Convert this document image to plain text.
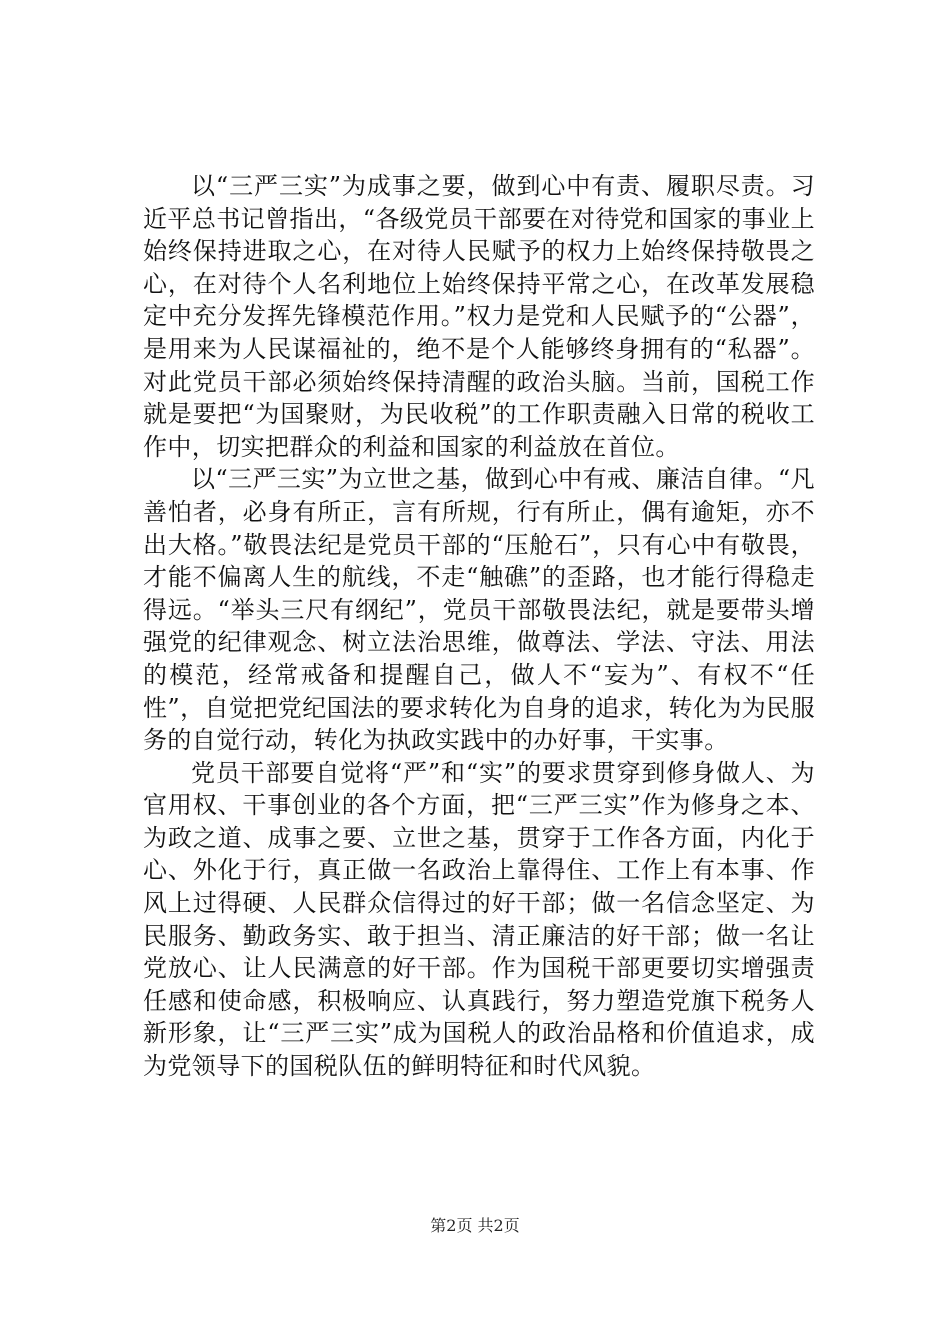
以“三严三实”为成事之要，做到心中有责、履职尽责。习近平总书记曾指出，“各级党员干部要在对待党和国家的事业上始终保持进取之心，在对待人民赋予的权力上始终保持敬畏之心，在对待个人名利地位上始终保持平常之心，在改革发展稳定中充分发挥先锋模范作用。”权力是党和人民赋予的“公器”，是用来为人民谋福祉的，绝不是个人能够终身拥有的“私器”。对此党员干部必须始终保持清醒的政治头脑。当前，国税工作就是要把“为国聚财，为民收税”的工作职责融入日常的税收工作中，切实把群众的利益和国家的利益放在首位。

以“三严三实”为立世之基，做到心中有戒、廉洁自律。“凡善怕者，必身有所正，言有所规，行有所止，偶有逾矩，亦不出大格。”敬畏法纪是党员干部的“压舱石”，只有心中有敬畏，才能不偏离人生的航线，不走“触礁”的歪路，也才能行得稳走得远。“举头三尺有纲纪”，党员干部敬畏法纪，就是要带头增强党的纪律观念、树立法治思维，做尊法、学法、守法、用法的模范，经常戒备和提醒自己，做人不“妄为”、有权不“任性”，自觉把党纪国法的要求转化为自身的追求，转化为为民服务的自觉行动，转化为执政实践中的办好事，干实事。

党员干部要自觉将“严”和“实”的要求贯穿到修身做人、为官用权、干事创业的各个方面，把“三严三实”作为修身之本、为政之道、成事之要、立世之基，贯穿于工作各方面，内化于心、外化于行，真正做一名政治上靠得住、工作上有本事、作风上过得硬、人民群众信得过的好干部；做一名信念坚定、为民服务、勤政务实、敢于担当、清正廉洁的好干部；做一名让党放心、让人民满意的好干部。作为国税干部更要切实增强责任感和使命感，积极响应、认真践行，努力塑造党旗下税务人新形象，让“三严三实”成为国税人的政治品格和价值追求，成为党领导下的国税队伍的鲜明特征和时代风貌。

第2页 共2页
